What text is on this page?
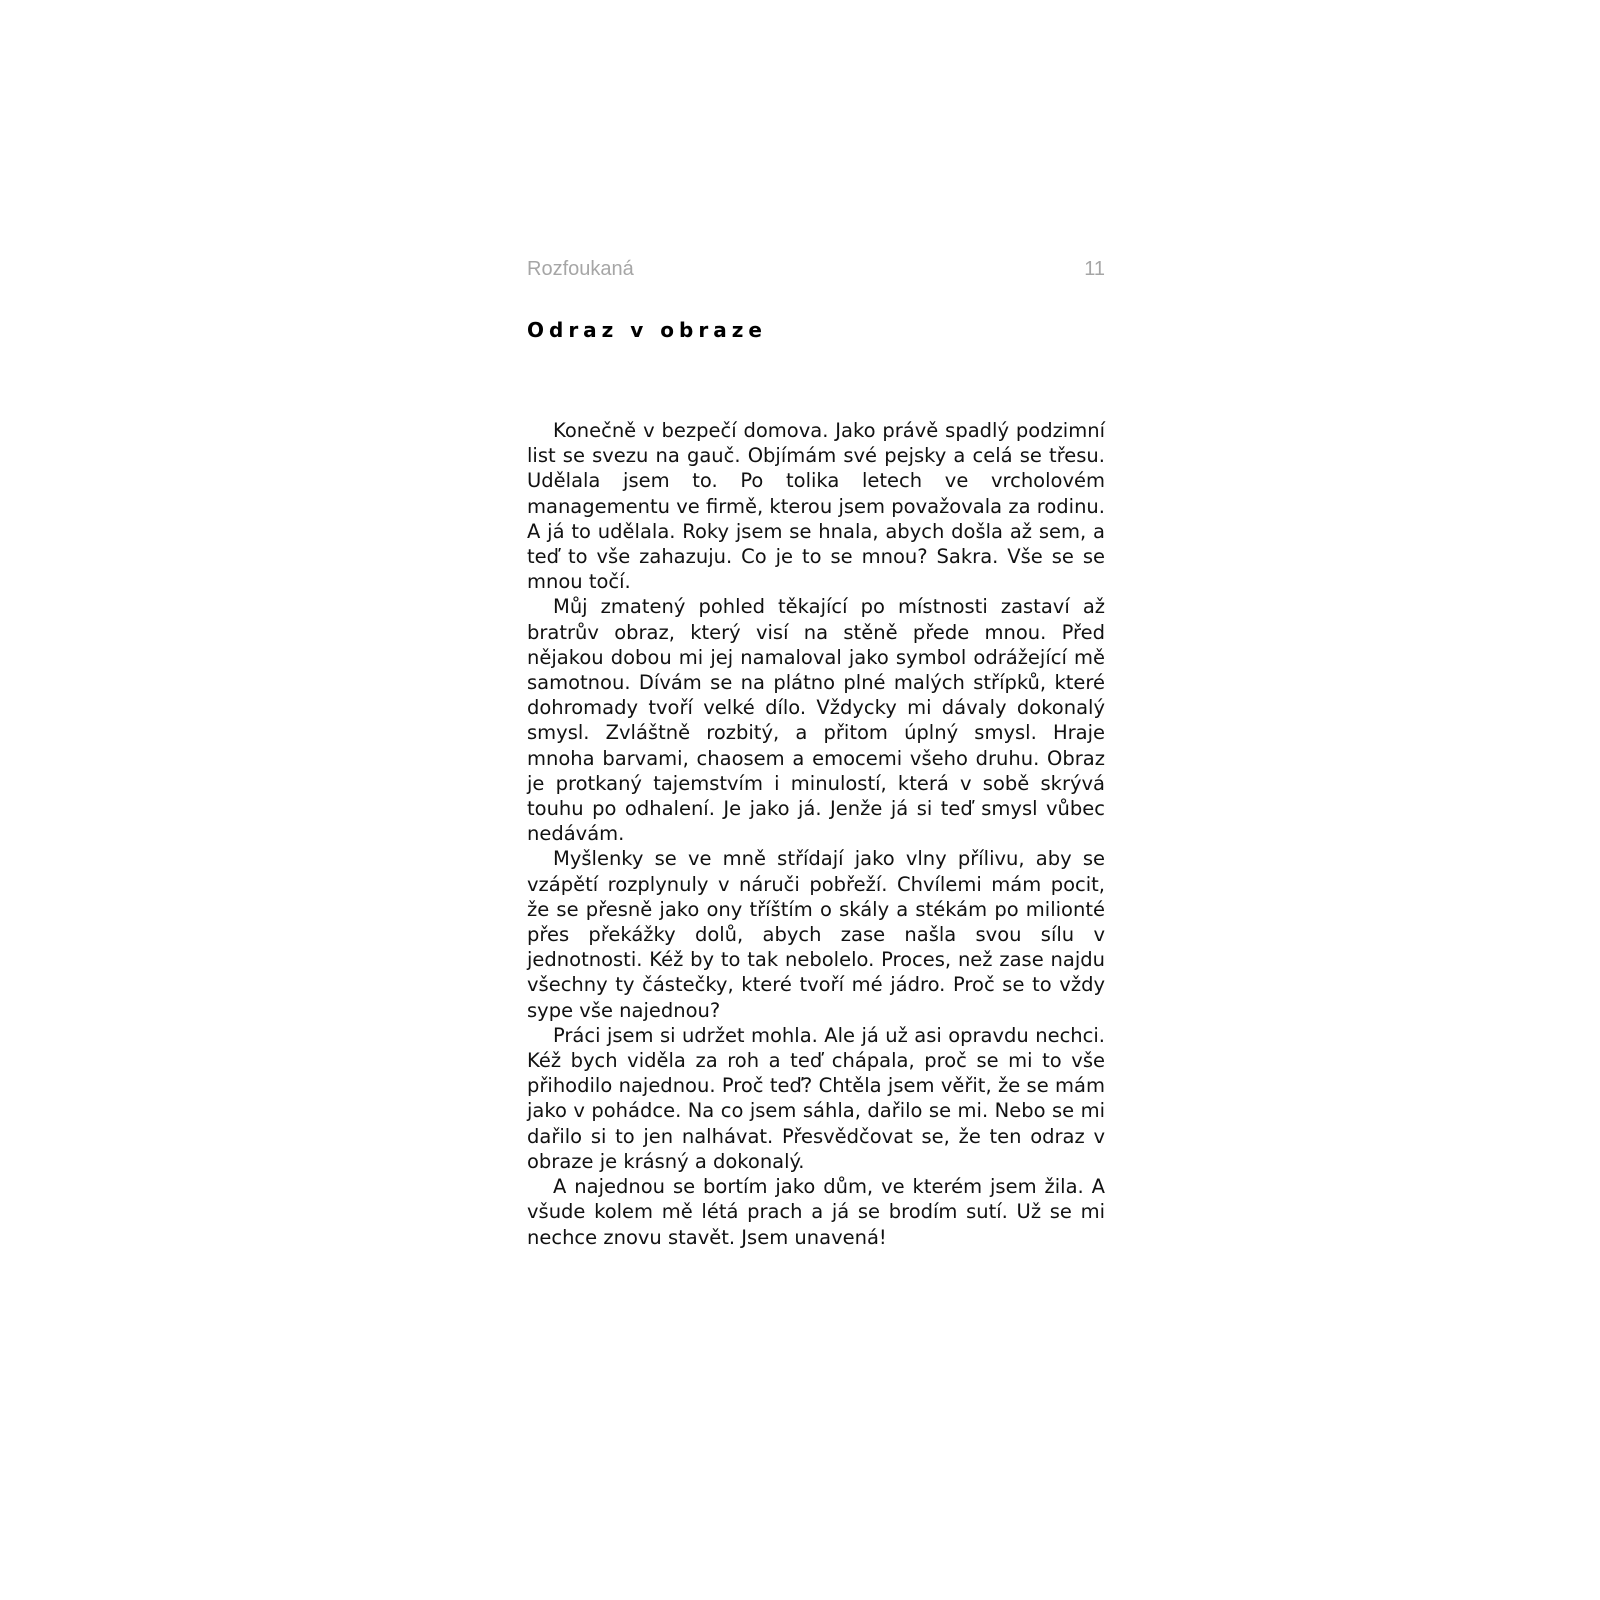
Rozfoukaná	11
Odraz v obraze

Konečně v bezpečí domova. Jako právě spadlý podzimní list se svezu na gauč. Objímám své pejsky a celá se třesu. Udělala jsem to. Po tolika letech ve vrcholovém managementu ve firmě, kterou jsem považovala za rodinu. A já to udělala. Roky jsem se hnala, abych došla až sem, a teď to vše zahazuju. Co je to se mnou? Sakra. Vše se se mnou točí.

Můj zmatený pohled těkající po místnosti zastaví až bratrův obraz, který visí na stěně přede mnou. Před nějakou dobou mi jej namaloval jako symbol odrážející mě samotnou. Dívám se na plátno plné malých střípků, které dohromady tvoří velké dílo. Vždycky mi dávaly dokonalý smysl. Zvláštně rozbitý, a přitom úplný smysl. Hraje mnoha barvami, chaosem a emocemi všeho druhu. Obraz je protkaný tajemstvím i minulostí, která v sobě skrývá touhu po odhalení. Je jako já. Jenže já si teď smysl vůbec nedávám.

Myšlenky se ve mně střídají jako vlny přílivu, aby se vzápětí rozplynuly v náruči pobřeží. Chvílemi mám pocit, že se přesně jako ony tříštím o skály a stékám po milionté přes překážky dolů, abych zase našla svou sílu v jednotnosti. Kéž by to tak nebolelo. Proces, než zase najdu všechny ty částečky, které tvoří mé jádro. Proč se to vždy sype vše najednou?

Práci jsem si udržet mohla. Ale já už asi opravdu nechci. Kéž bych viděla za roh a teď chápala, proč se mi to vše přihodilo najednou. Proč teď? Chtěla jsem věřit, že se mám jako v pohádce. Na co jsem sáhla, dařilo se mi. Nebo se mi dařilo si to jen nalhávat. Přesvědčovat se, že ten odraz v obraze je krásný a dokonalý.

A najednou se bortím jako dům, ve kterém jsem žila. A všude kolem mě létá prach a já se brodím sutí. Už se mi nechce znovu stavět. Jsem unavená!
